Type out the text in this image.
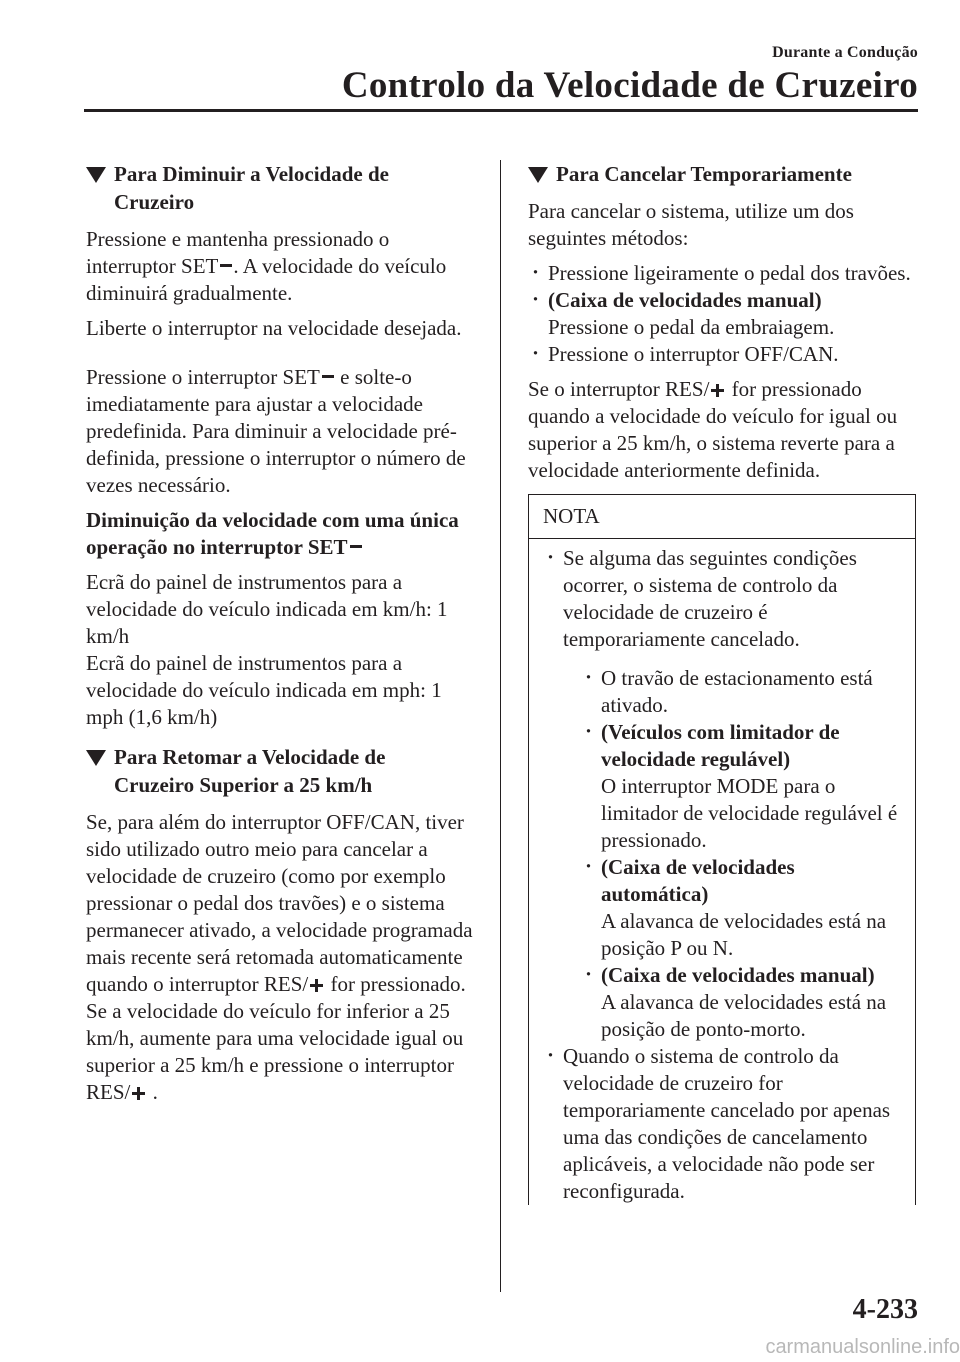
Durante a Condução
Controlo da Velocidade de Cruzeiro
Para Diminuir a Velocidade de
Cruzeiro

Pressione e mantenha pressionado o interruptor SET . A velocidade do veículo diminuirá gradualmente.

Liberte o interruptor na velocidade desejada.

Pressione o interruptor SET e solte-o imediatamente para ajustar a velocidade predefinida. Para diminuir a velocidade pré-definida, pressione o interruptor o número de vezes necessário.

Diminuição da velocidade com uma única operação no interruptor SET

Ecrã do painel de instrumentos para a velocidade do veículo indicada em km/h: 1 km/h

Ecrã do painel de instrumentos para a velocidade do veículo indicada em mph: 1 mph (1,6 km/h)

Para Retomar a Velocidade de
Cruzeiro Superior a 25 km/h

Se, para além do interruptor OFF/CAN, tiver sido utilizado outro meio para cancelar a velocidade de cruzeiro (como por exemplo pressionar o pedal dos travões) e o sistema permanecer ativado, a velocidade programada mais recente será retomada automaticamente quando o interruptor RES/ for pressionado.

Se a velocidade do veículo for inferior a 25 km/h, aumente para uma velocidade igual ou superior a 25 km/h e pressione o interruptor RES/ .

Para Cancelar Temporariamente

Para cancelar o sistema, utilize um dos seguintes métodos:

· Pressione ligeiramente o pedal dos travões.
· (Caixa de velocidades manual)
Pressione o pedal da embraiagem.
· Pressione o interruptor OFF/CAN.

Se o interruptor RES/ for pressionado quando a velocidade do veículo for igual ou superior a 25 km/h, o sistema reverte para a velocidade anteriormente definida.

NOTA
· Se alguma das seguintes condições ocorrer, o sistema de controlo da velocidade de cruzeiro é temporariamente cancelado.
· O travão de estacionamento está ativado.
· (Veículos com limitador de velocidade regulável)
O interruptor MODE para o limitador de velocidade regulável é pressionado.
· (Caixa de velocidades automática)
A alavanca de velocidades está na posição P ou N.
· (Caixa de velocidades manual)
A alavanca de velocidades está na posição de ponto-morto.
· Quando o sistema de controlo da velocidade de cruzeiro for temporariamente cancelado por apenas uma das condições de cancelamento aplicáveis, a velocidade não pode ser reconfigurada.
4-233
carmanualsonline.info
